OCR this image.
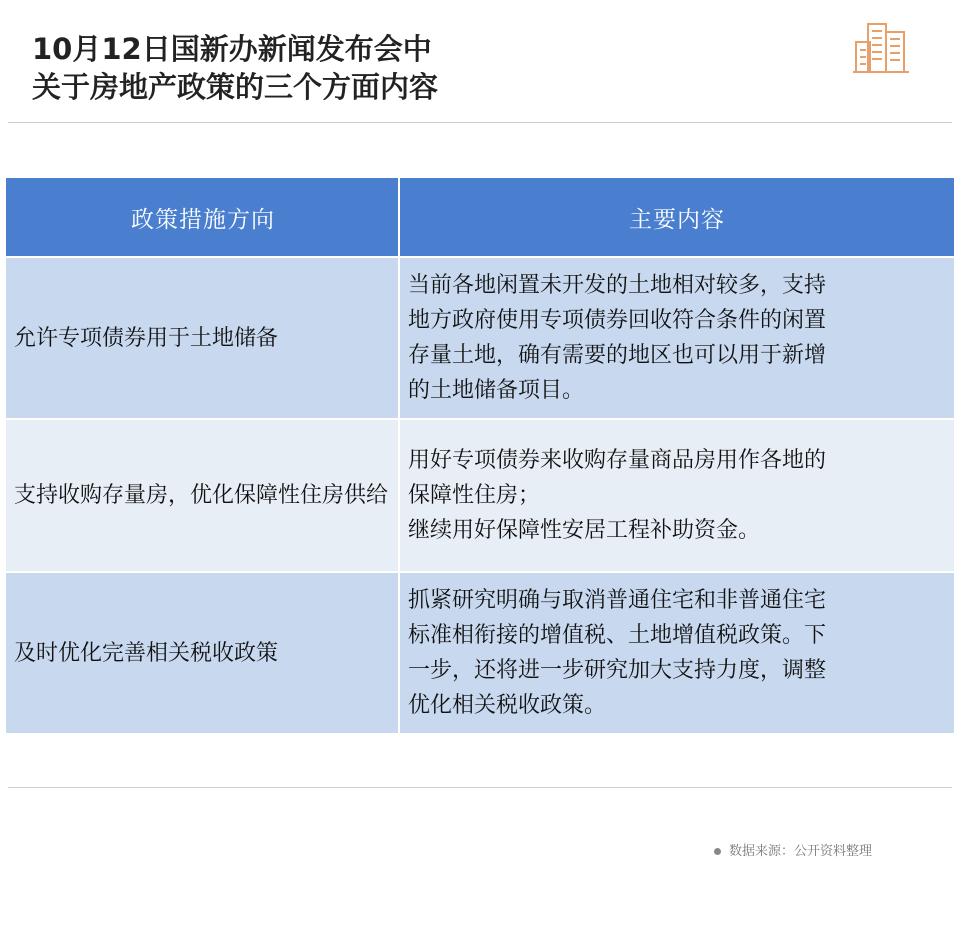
10月12日国新办新闻发布会中
关于房地产政策的三个方面内容
政策措施方向	主要内容
允许专项债券用于土地储备	当前各地闲置未开发的土地相对较多，支持
地方政府使用专项债券回收符合条件的闲置
存量土地，确有需要的地区也可以用于新增
的土地储备项目。

支持收购存量房，优化保障性住房供给	用好专项债券来收购存量商品房用作各地的
保障性住房；
继续用好保障性安居工程补助资金。

及时优化完善相关税收政策	抓紧研究明确与取消普通住宅和非普通住宅
标准相衔接的增值税、土地增值税政策。下
一步，还将进一步研究加大支持力度，调整
优化相关税收政策。
数据来源：公开资料整理
